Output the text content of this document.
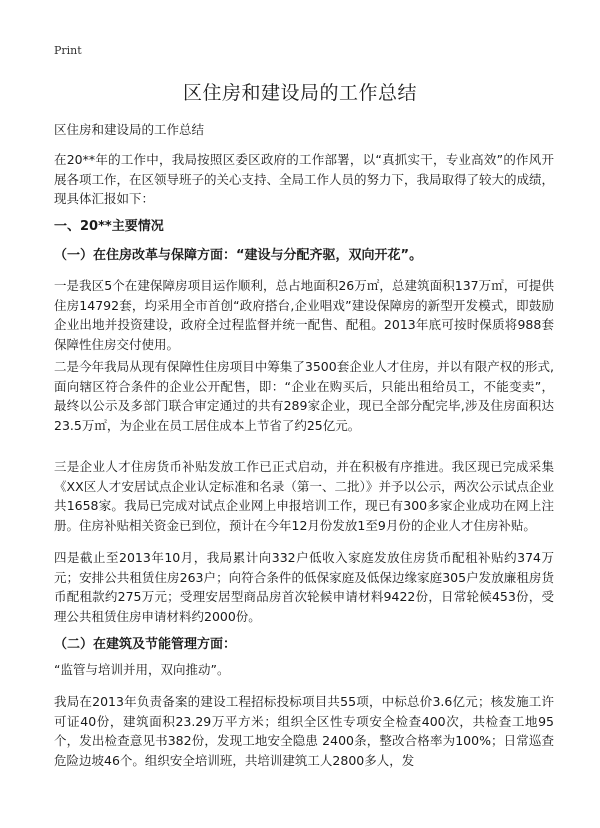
Print
区住房和建设局的工作总结
区住房和建设局的工作总结

在20**年的工作中，我局按照区委区政府的工作部署，以“真抓实干，专业高效”的作风开展各项工作，在区领导班子的关心支持、全局工作人员的努力下，我局取得了较大的成绩，现具体汇报如下：

一、20**主要情况
（一）在住房改革与保障方面：“建设与分配齐驱，双向开花”。

一是我区5个在建保障房项目运作顺利，总占地面积26万㎡，总建筑面积137万㎡，可提供住房14792套，均采用全市首创“政府搭台,企业唱戏”建设保障房的新型开发模式，即鼓励企业出地并投资建设，政府全过程监督并统一配售、配租。2013年底可按时保质将988套保障性住房交付使用。

二是今年我局从现有保障性住房项目中筹集了3500套企业人才住房，并以有限产权的形式,面向辖区符合条件的企业公开配售，即：“企业在购买后，只能出租给员工，不能变卖”，最终以公示及多部门联合审定通过的共有289家企业，现已全部分配完毕,涉及住房面积达23.5万㎡，为企业在员工居住成本上节省了约25亿元。

三是企业人才住房货币补贴发放工作已正式启动，并在积极有序推进。我区现已完成采集《XX区人才安居试点企业认定标准和名录（第一、二批）》并予以公示，两次公示试点企业共1658家。我局已完成对试点企业网上申报培训工作，现已有300多家企业成功在网上注册。住房补贴相关资金已到位，预计在今年12月份发放1至9月份的企业人才住房补贴。

四是截止至2013年10月，我局累计向332户低收入家庭发放住房货币配租补贴约374万元；安排公共租赁住房263户；向符合条件的低保家庭及低保边缘家庭305户发放廉租房货币配租款约275万元；受理安居型商品房首次轮候申请材料9422份，日常轮候453份，受理公共租赁住房申请材料约2000份。

（二）在建筑及节能管理方面：

“监管与培训并用，双向推动”。

我局在2013年负责备案的建设工程招标投标项目共55项，中标总价3.6亿元；核发施工许可证40份，建筑面积23.29万平方米；组织全区性专项安全检查400次，共检查工地95个，发出检查意见书382份，发现工地安全隐患 2400条，整改合格率为100%；日常巡查危险边坡46个。组织安全培训班，共培训建筑工人2800多人，发
